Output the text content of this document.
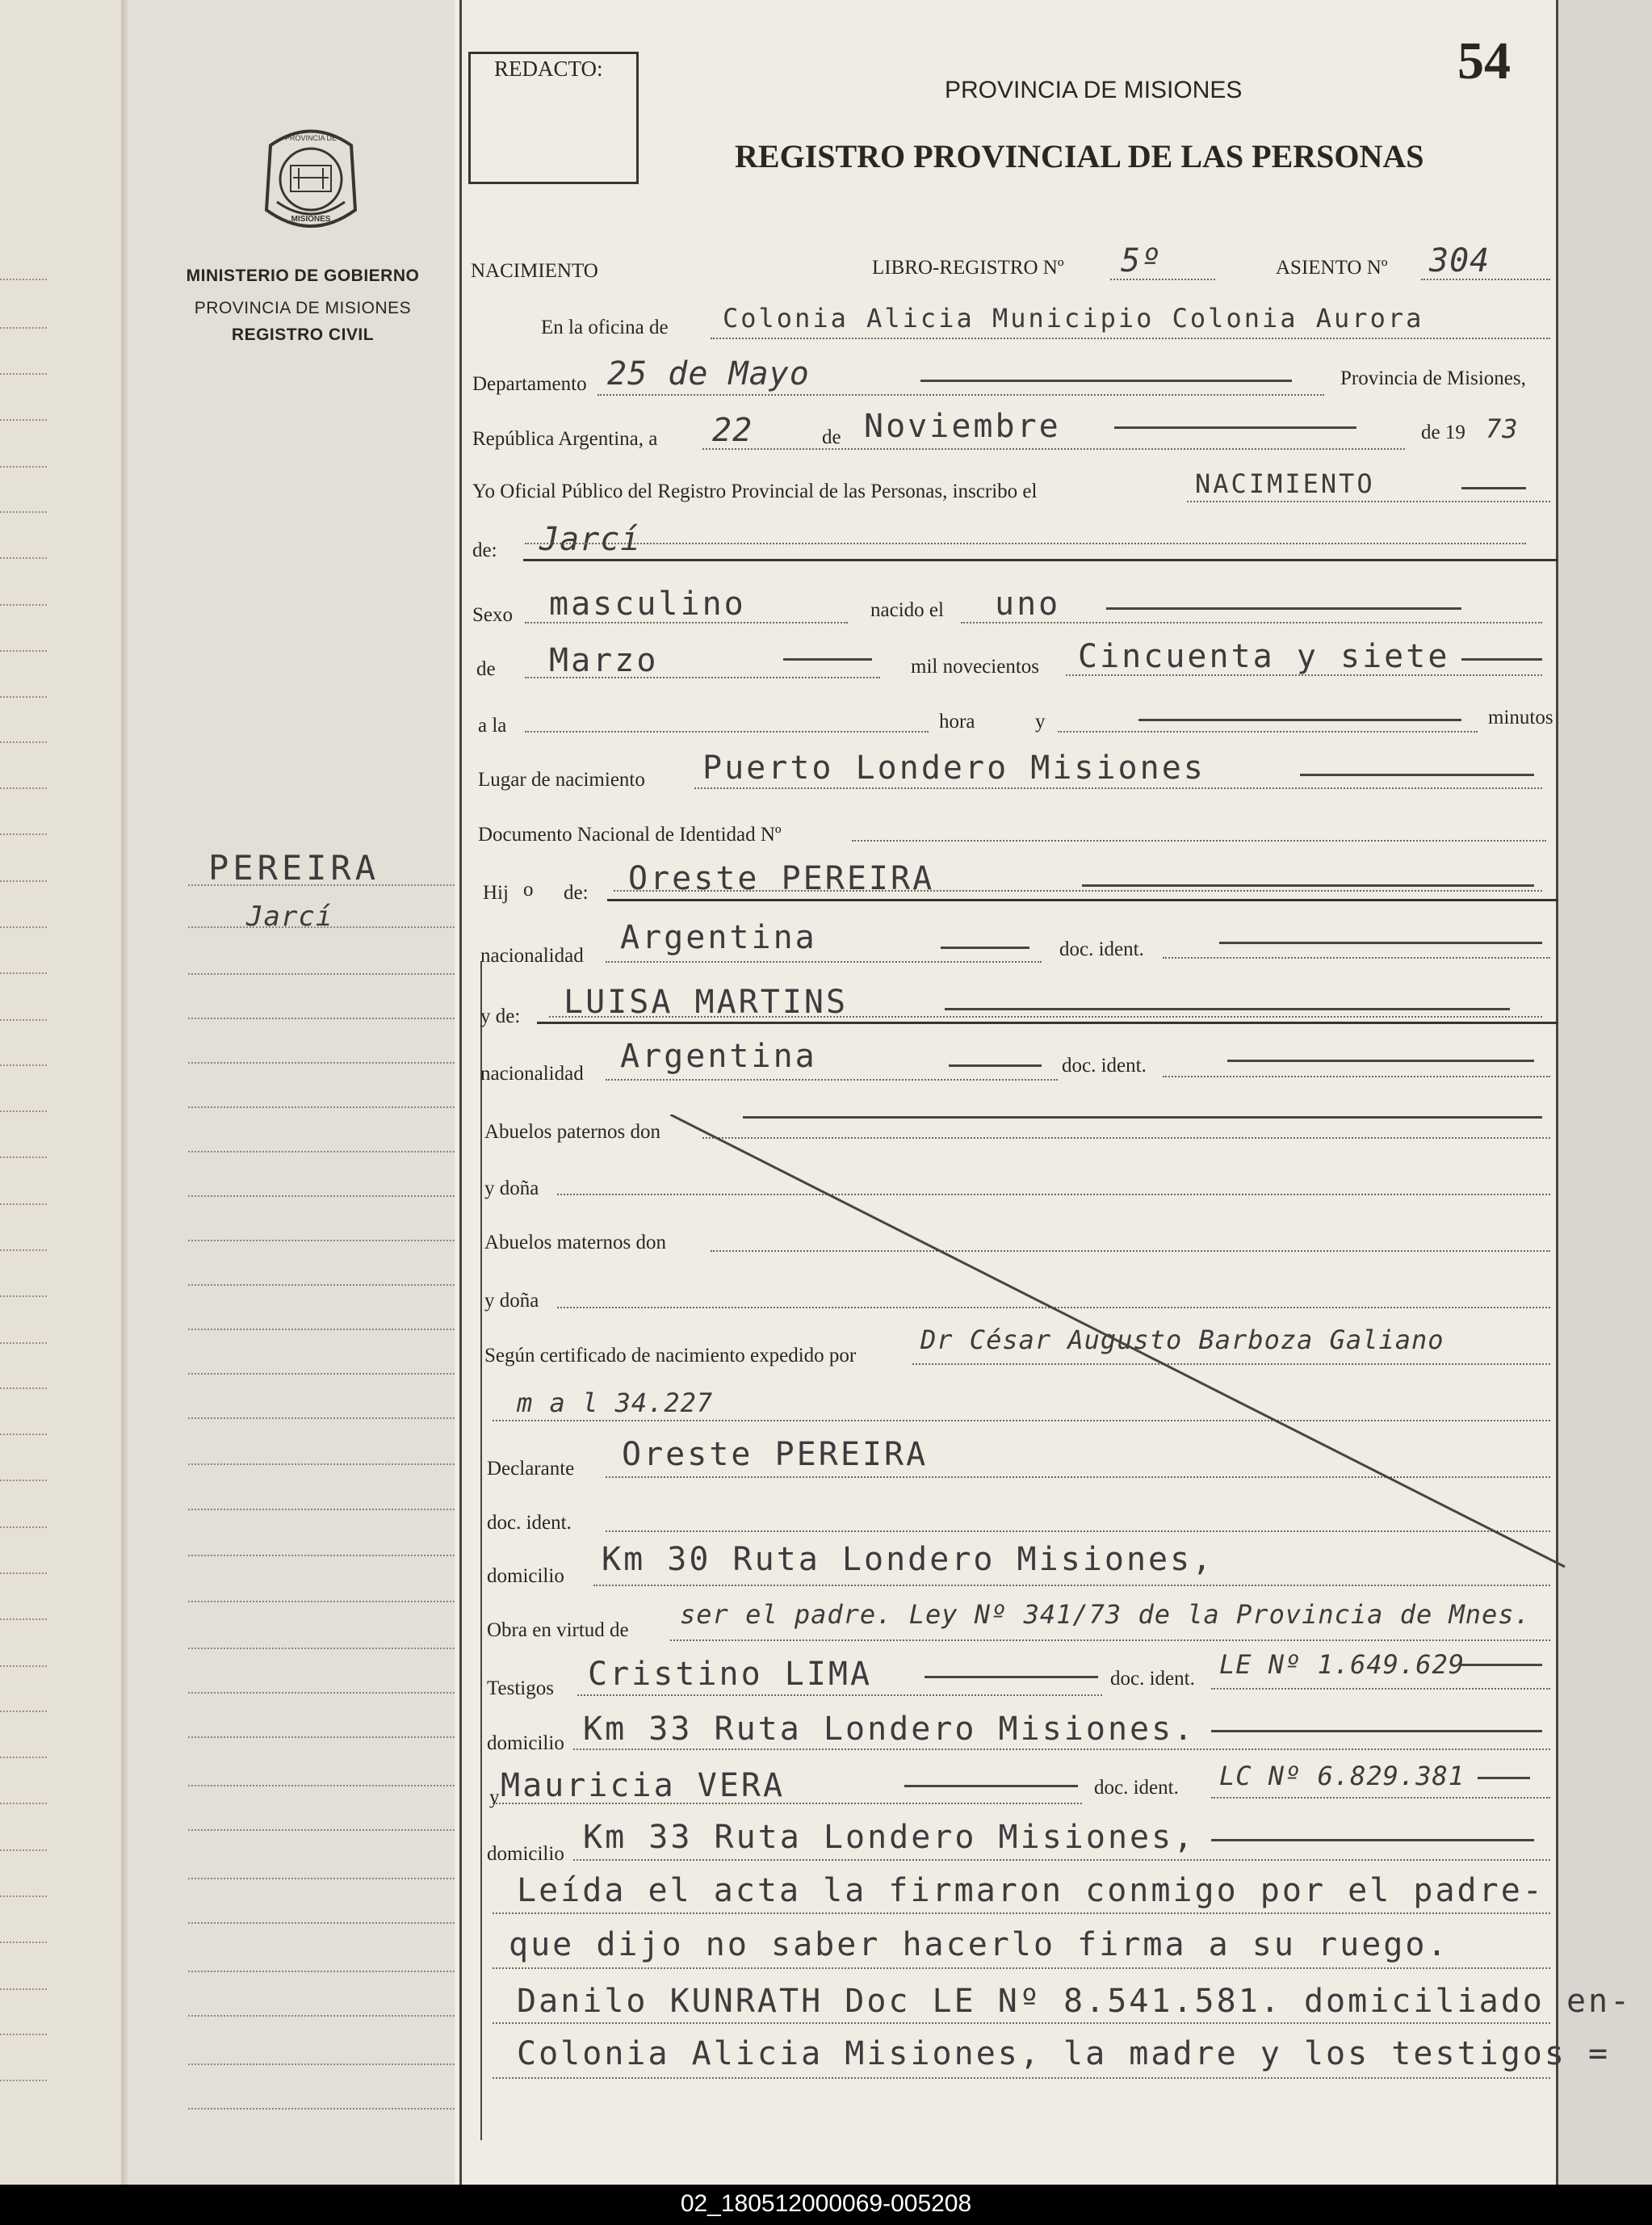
REDACTO:	54
PROVINCIA DE MISIONES
REGISTRO PROVINCIAL DE LAS PERSONAS
PROVINCIA DE
MISIONES
MINISTERIO DE GOBIERNO
PROVINCIA DE MISIONES
REGISTRO CIVIL
PEREIRA
Jarcí
NACIMIENTO	LIBRO-REGISTRO Nº 5º	ASIENTO Nº 304
En la oficina de Colonia Alicia Municipio Colonia Aurora
Departamento 25 de Mayo	Provincia de Misiones,
República Argentina, a 22	de Noviembre	de 19 73
Yo Oficial Público del Registro Provincial de las Personas, inscribo el	NACIMIENTO
de: Jarcí
Sexo masculino	nacido el uno
de Marzo	mil novecientos Cincuenta y siete
a la	hora	y	minutos
Lugar de nacimiento Puerto Londero Misiones
Documento Nacional de Identidad Nº
Hij o de: Oreste PEREIRA
nacionalidad Argentina	doc. ident.
y de: LUISA MARTINS
nacionalidad Argentina	doc. ident.
Abuelos paternos don
y doña
Abuelos maternos don
y doña
Según certificado de nacimiento expedido por
Dr César Augusto Barboza Galiano
m a l 34.227
Declarante Oreste PEREIRA
doc. ident.
domicilio Km 30 Ruta Londero Misiones,
Obra en virtud de
ser el padre. Ley Nº 341/73 de la Provincia de Mnes.
Testigos Cristino LIMA	doc. ident. LE Nº 1.649.629
domicilio Km 33 Ruta Londero Misiones.
y Mauricia VERA	doc. ident. LC Nº 6.829.381
domicilio Km 33 Ruta Londero Misiones,
Leída el acta la firmaron conmigo por el padre-
que dijo no saber hacerlo firma a su ruego.
Danilo KUNRATH Doc LE Nº 8.541.581. domiciliado en-
Colonia Alicia Misiones, la madre y los testigos =
02_180512000069-005208
